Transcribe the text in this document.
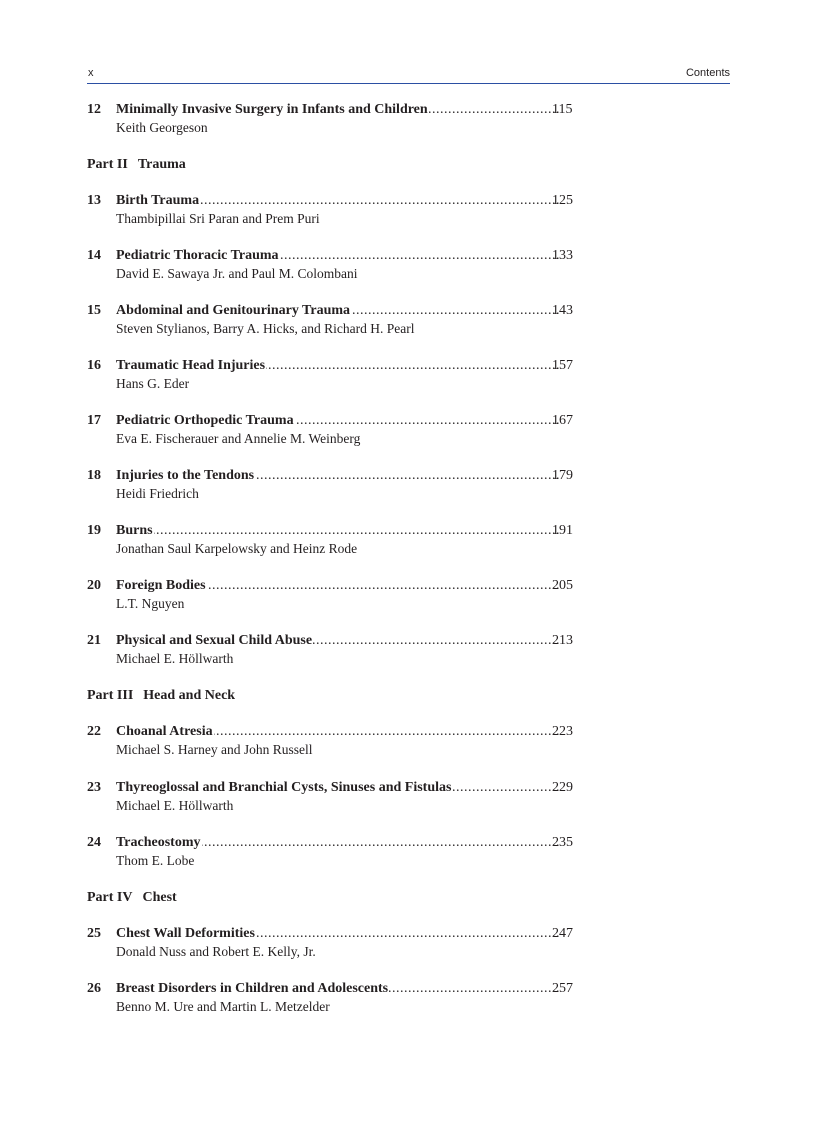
x	Contents
12	Minimally Invasive Surgery in Infants and Children .....	115
Keith Georgeson
Part II Trauma
13	Birth Trauma .....	125
Thambipillai Sri Paran and Prem Puri
14	Pediatric Thoracic Trauma .....	133
David E. Sawaya Jr. and Paul M. Colombani
15	Abdominal and Genitourinary Trauma .....	143
Steven Stylianos, Barry A. Hicks, and Richard H. Pearl
16	Traumatic Head Injuries .....	157
Hans G. Eder
17	Pediatric Orthopedic Trauma .....	167
Eva E. Fischerauer and Annelie M. Weinberg
18	Injuries to the Tendons .....	179
Heidi Friedrich
19	Burns .....	191
Jonathan Saul Karpelowsky and Heinz Rode
20	Foreign Bodies .....	205
L.T. Nguyen
21	Physical and Sexual Child Abuse .....	213
Michael E. Höllwarth
Part III Head and Neck
22	Choanal Atresia .....	223
Michael S. Harney and John Russell
23	Thyreoglossal and Branchial Cysts, Sinuses and Fistulas .....	229
Michael E. Höllwarth
24	Tracheostomy .....	235
Thom E. Lobe
Part IV Chest
25	Chest Wall Deformities .....	247
Donald Nuss and Robert E. Kelly, Jr.
26	Breast Disorders in Children and Adolescents .....	257
Benno M. Ure and Martin L. Metzelder
